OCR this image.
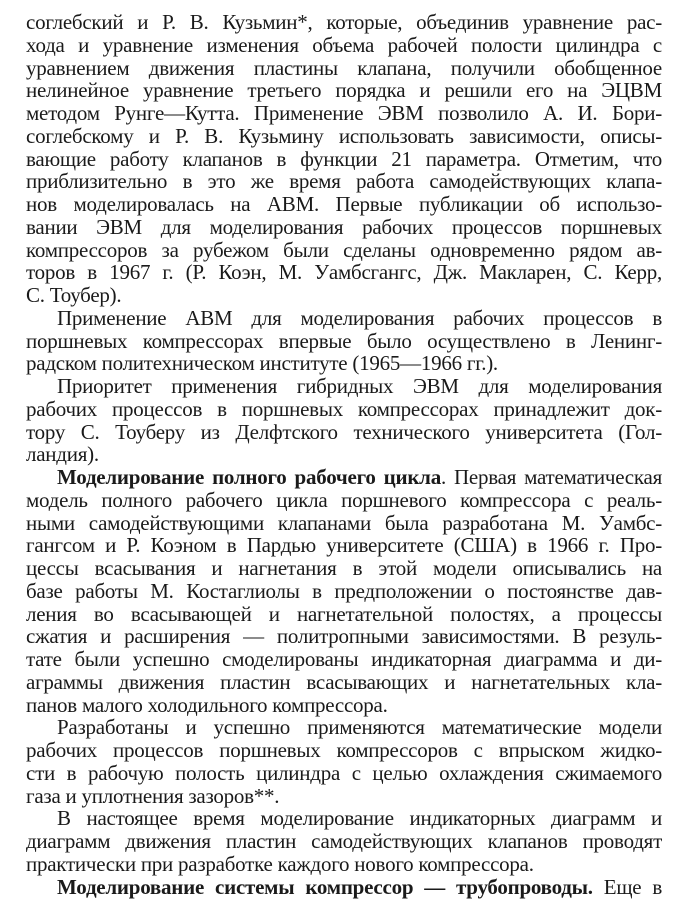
соглебский и Р. В. Кузьмин*, которые, объединив уравнение рас-
хода и уравнение изменения объема рабочей полости цилиндра с
уравнением движения пластины клапана, получили обобщенное
нелинейное уравнение третьего порядка и решили его на ЭЦВМ
методом Рунге—Кутта. Применение ЭВМ позволило А. И. Бори-
соглебскому и Р. В. Кузьмину использовать зависимости, описы-
вающие работу клапанов в функции 21 параметра. Отметим, что
приблизительно в это же время работа самодействующих клапа-
нов моделировалась на АВМ. Первые публикации об использо-
вании ЭВМ для моделирования рабочих процессов поршневых
компрессоров за рубежом были сделаны одновременно рядом ав-
торов в 1967 г. (Р. Коэн, М. Уамбсгангс, Дж. Макларен, С. Керр,
С. Тоубер).
Применение АВМ для моделирования рабочих процессов в
поршневых компрессорах впервые было осуществлено в Ленинг-
радском политехническом институте (1965—1966 гг.).
Приоритет применения гибридных ЭВМ для моделирования
рабочих процессов в поршневых компрессорах принадлежит док-
тору С. Тоуберу из Делфтского технического университета (Гол-
ландия).
Моделирование полного рабочего цикла. Первая математическая
модель полного рабочего цикла поршневого компрессора с реаль-
ными самодействующими клапанами была разработана М. Уамбс-
гангсом и Р. Коэном в Пардью университете (США) в 1966 г. Про-
цессы всасывания и нагнетания в этой модели описывались на
базе работы М. Костаглиолы в предположении о постоянстве дав-
ления во всасывающей и нагнетательной полостях, а процессы
сжатия и расширения — политропными зависимостями. В резуль-
тате были успешно смоделированы индикаторная диаграмма и ди-
аграммы движения пластин всасывающих и нагнетательных кла-
панов малого холодильного компрессора.
Разработаны и успешно применяются математические модели
рабочих процессов поршневых компрессоров с впрыском жидко-
сти в рабочую полость цилиндра с целью охлаждения сжимаемого
газа и уплотнения зазоров**.
В настоящее время моделирование индикаторных диаграмм и
диаграмм движения пластин самодействующих клапанов проводят
практически при разработке каждого нового компрессора.
Моделирование системы компрессор — трубопроводы. Еще в
